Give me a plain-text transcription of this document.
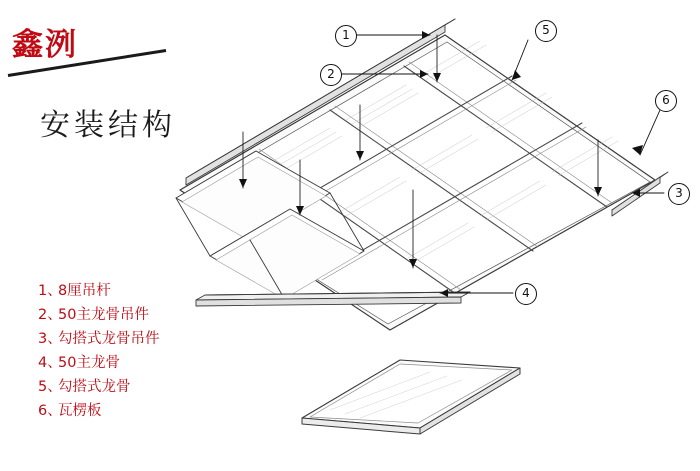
鑫洌
安装结构
1
2
5
6
3
4
1、8厘吊杆
2、50主龙骨吊件
3、勾搭式龙骨吊件
4、50主龙骨
5、勾搭式龙骨
6、瓦楞板
